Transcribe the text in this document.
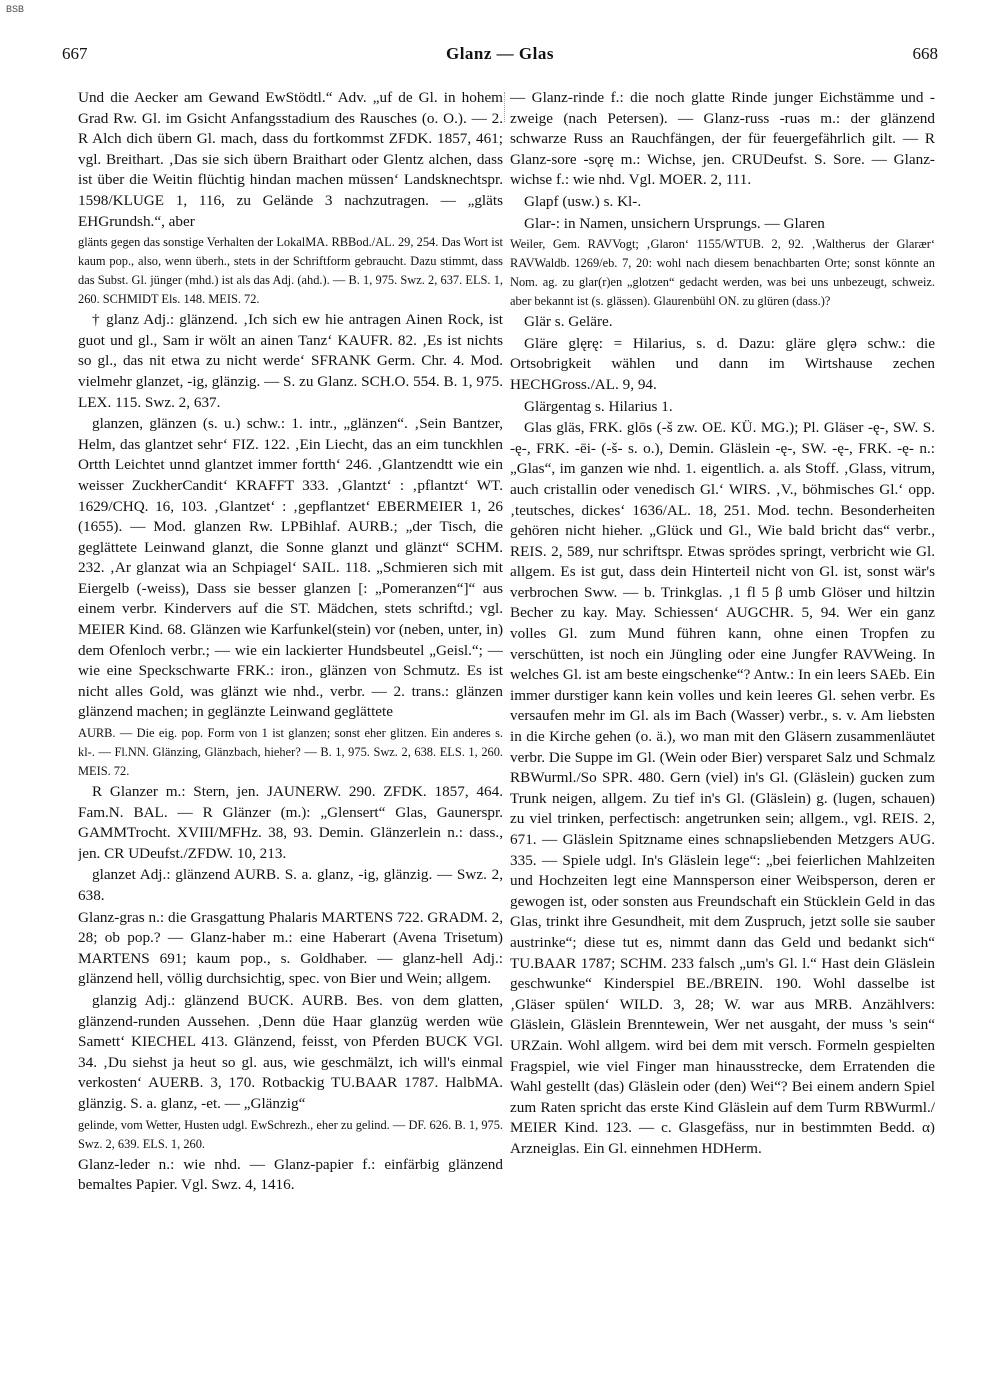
BSB
667	Glanz — Glas	668

Und die Aecker am Gewand EwStödtl.“ Adv. „uf de Gl. in hohem Grad Rw. Gl. im Gsicht Anfangsstadium des Rausches (o. O.). — 2. R Alch dich übern Gl. mach, dass du fortkommst ZFDK. 1857, 461; vgl. Breithart. ‚Das sie sich übern Braithart oder Glentz alchen, dass ist über die Weitin flüchtig hindan machen müssen‘ Landsknechtspr. 1598/KLUGE 1, 116, zu Gelände 3 nachzutragen. — „gläts EHGrundsh.“, aber

glänts gegen das sonstige Verhalten der LokalMA. RBBod./AL. 29, 254. Das Wort ist kaum pop., also, wenn überh., stets in der Schriftform gebraucht. Dazu stimmt, dass das Subst. Gl. jünger (mhd.) ist als das Adj. (ahd.). — B. 1, 975. Swz. 2, 637. ELS. 1, 260. SCHMIDT Els. 148. MEIS. 72.

† glanz Adj.: glänzend. ‚Ich sich ew hie antragen Ainen Rock, ist guot und gl., Sam ir wölt an ainen Tanz‘ KAUFR. 82. ‚Es ist nichts so gl., das nit etwa zu nicht werde‘ SFRANK Germ. Chr. 4. Mod. vielmehr glanzet, -ig, glänzig. — S. zu Glanz. SCH.O. 554. B. 1, 975. LEX. 115. Swz. 2, 637.

glanzen, glänzen (s. u.) schw.: 1. intr., „glänzen“. ‚Sein Bantzer, Helm, das glantzet sehr‘ FIZ. 122. ‚Ein Liecht, das an eim tunckhlen Ortth Leichtet unnd glantzet immer fortth‘ 246. ‚Glantzendtt wie ein weisser ZuckherCandit‘ KRAFFT 333. ‚Glantzt‘ : ‚pflantzt‘ WT. 1629/CHQ. 16, 103. ‚Glantzet‘ : ‚gepflantzet‘ EBERMEIER 1, 26 (1655). — Mod. glanzen Rw. LPBihlaf. AURB.; „der Tisch, die geglättete Leinwand glanzt, die Sonne glanzt und glänzt“ SCHM. 232. ‚Ar glanzat wia an Schpiagel‘ SAIL. 118. „Schmieren sich mit Eiergelb (-weiss), Dass sie besser glanzen [: „Pomeranzen“]“ aus einem verbr. Kindervers auf die ST. Mädchen, stets schriftd.; vgl. MEIER Kind. 68. Glänzen wie Karfunkel(stein) vor (neben, unter, in) dem Ofenloch verbr.; — wie ein lackierter Hundsbeutel „Geisl.“; — wie eine Speckschwarte FRK.: iron., glänzen von Schmutz. Es ist nicht alles Gold, was glänzt wie nhd., verbr. — 2. trans.: glänzen glänzend machen; in geglänzte Leinwand geglättete

AURB. — Die eig. pop. Form von 1 ist glanzen; sonst eher glitzen. Ein anderes s. kl-. — Fl.NN. Glänzing, Glänzbach, hieher? — B. 1, 975. Swz. 2, 638. ELS. 1, 260. MEIS. 72.

R Glanzer m.: Stern, jen. JAUNERW. 290. ZFDK. 1857, 464. Fam.N. BAL. — R Glänzer (m.): „Glensert“ Glas, Gaunerspr. GAMMTrocht. XVIII/MFHz. 38, 93. Demin. Glänzerlein n.: dass., jen. CR UDeufst./ZFDW. 10, 213.

glanzet Adj.: glänzend AURB. S. a. glanz, -ig, glänzig. — Swz. 2, 638.

Glanz-gras n.: die Grasgattung Phalaris MARTENS 722. GRADM. 2, 28; ob pop.? — Glanz-haber m.: eine Haberart (Avena Trisetum) MARTENS 691; kaum pop., s. Goldhaber. — glanz-hell Adj.: glänzend hell, völlig durchsichtig, spec. von Bier und Wein; allgem.

glanzig Adj.: glänzend BUCK. AURB. Bes. von dem glatten, glänzend-runden Aussehen. ‚Denn düe Haar glanzüg werden wüe Samett‘ KIECHEL 413. Glänzend, feisst, von Pferden BUCK VGl. 34. ‚Du siehst ja heut so gl. aus, wie geschmälzt, ich will's einmal verkosten‘ AUERB. 3, 170. Rotbackig TU.BAAR 1787. HalbMA. glänzig. S. a. glanz, -et. — „Glänzig“

gelinde, vom Wetter, Husten udgl. EwSchrezh., eher zu gelind. — DF. 626. B. 1, 975. Swz. 2, 639. ELS. 1, 260.

Glanz-leder n.: wie nhd. — Glanz-papier f.: einfärbig glänzend bemaltes Papier. Vgl. Swz. 4, 1416.

— Glanz-rinde f.: die noch glatte Rinde junger Eichstämme und -zweige (nach Petersen). — Glanz-russ -ruəs m.: der glänzend schwarze Russ an Rauchfängen, der für feuergefährlich gilt. — R Glanz-sore -sǫrę m.: Wichse, jen. CRUDeufst. S. Sore. — Glanz-wichse f.: wie nhd. Vgl. MOER. 2, 111.

Glapf (usw.) s. Kl-.

Glar-: in Namen, unsichern Ursprungs. — Glaren

Weiler, Gem. RAVVogt; ‚Glaron‘ 1155/WTUB. 2, 92. ‚Waltherus der Glarær‘ RAVWaldb. 1269/eb. 7, 20: wohl nach diesem benachbarten Orte; sonst könnte an Nom. ag. zu glar(r)en „glotzen“ gedacht werden, was bei uns unbezeugt, schweiz. aber bekannt ist (s. glässen). Glaurenbühl ON. zu glüren (dass.)?

Glär s. Geläre.

Gläre glęrę: = Hilarius, s. d. Dazu: gläre glęrə schw.: die Ortsobrigkeit wählen und dann im Wirtshause zechen HECHGross./AL. 9, 94.

Glärgentag s. Hilarius 1.

Glas gläs, FRK. glōs (-š zw. OE. KÜ. MG.); Pl. Gläser -ę-, SW. S. -ę-, FRK. -ēi- (-š- s. o.), Demin. Gläslein -ę-, SW. -ę-, FRK. -ę- n.: „Glas“, im ganzen wie nhd. 1. eigentlich. a. als Stoff. ‚Glass, vitrum, auch cristallin oder venedisch Gl.‘ WIRS. ‚V., böhmisches Gl.‘ opp. ‚teutsches, dickes‘ 1636/AL. 18, 251. Mod. techn. Besonderheiten gehören nicht hieher. „Glück und Gl., Wie bald bricht das“ verbr., REIS. 2, 589, nur schriftspr. Etwas sprödes springt, verbricht wie Gl. allgem. Es ist gut, dass dein Hinterteil nicht von Gl. ist, sonst wär's verbrochen Sww. — b. Trinkglas. ‚1 fl 5 β umb Glöser und hiltzin Becher zu kay. May. Schiessen‘ AUGCHR. 5, 94. Wer ein ganz volles Gl. zum Mund führen kann, ohne einen Tropfen zu verschütten, ist noch ein Jüngling oder eine Jungfer RAVWeing. In welches Gl. ist am beste eingschenke“? Antw.: In ein leers SAEb. Ein immer durstiger kann kein volles und kein leeres Gl. sehen verbr. Es versaufen mehr im Gl. als im Bach (Wasser) verbr., s. v. Am liebsten in die Kirche gehen (o. ä.), wo man mit den Gläsern zusammenläutet verbr. Die Suppe im Gl. (Wein oder Bier) versparet Salz und Schmalz RBWurml./So SPR. 480. Gern (viel) in's Gl. (Gläslein) gucken zum Trunk neigen, allgem. Zu tief in's Gl. (Gläslein) g. (lugen, schauen) zu viel trinken, perfectisch: angetrunken sein; allgem., vgl. REIS. 2, 671. — Gläslein Spitzname eines schnapsliebenden Metzgers AUG. 335. — Spiele udgl. In's Gläslein lege“: „bei feierlichen Mahlzeiten und Hochzeiten legt eine Mannsperson einer Weibsperson, deren er gewogen ist, oder sonsten aus Freundschaft ein Stücklein Geld in das Glas, trinkt ihre Gesundheit, mit dem Zuspruch, jetzt solle sie sauber austrinke“; diese tut es, nimmt dann das Geld und bedankt sich“ TU.BAAR 1787; SCHM. 233 falsch „um's Gl. l.“ Hast dein Gläslein geschwunke“ Kinderspiel BE./BREIN. 190. Wohl dasselbe ist ‚Gläser spülen‘ WILD. 3, 28; W. war aus MRB. Anzählvers: Gläslein, Gläslein Brenntewein, Wer net ausgaht, der muss 's sein“ URZain. Wohl allgem. wird bei dem mit versch. Formeln gespielten Fragspiel, wie viel Finger man hinausstrecke, dem Erratenden die Wahl gestellt (das) Gläslein oder (den) Wei“? Bei einem andern Spiel zum Raten spricht das erste Kind Gläslein auf dem Turm RBWurml./ MEIER Kind. 123. — c. Glasgefäss, nur in bestimmten Bedd. α) Arzneiglas. Ein Gl. einnehmen HDHerm.
